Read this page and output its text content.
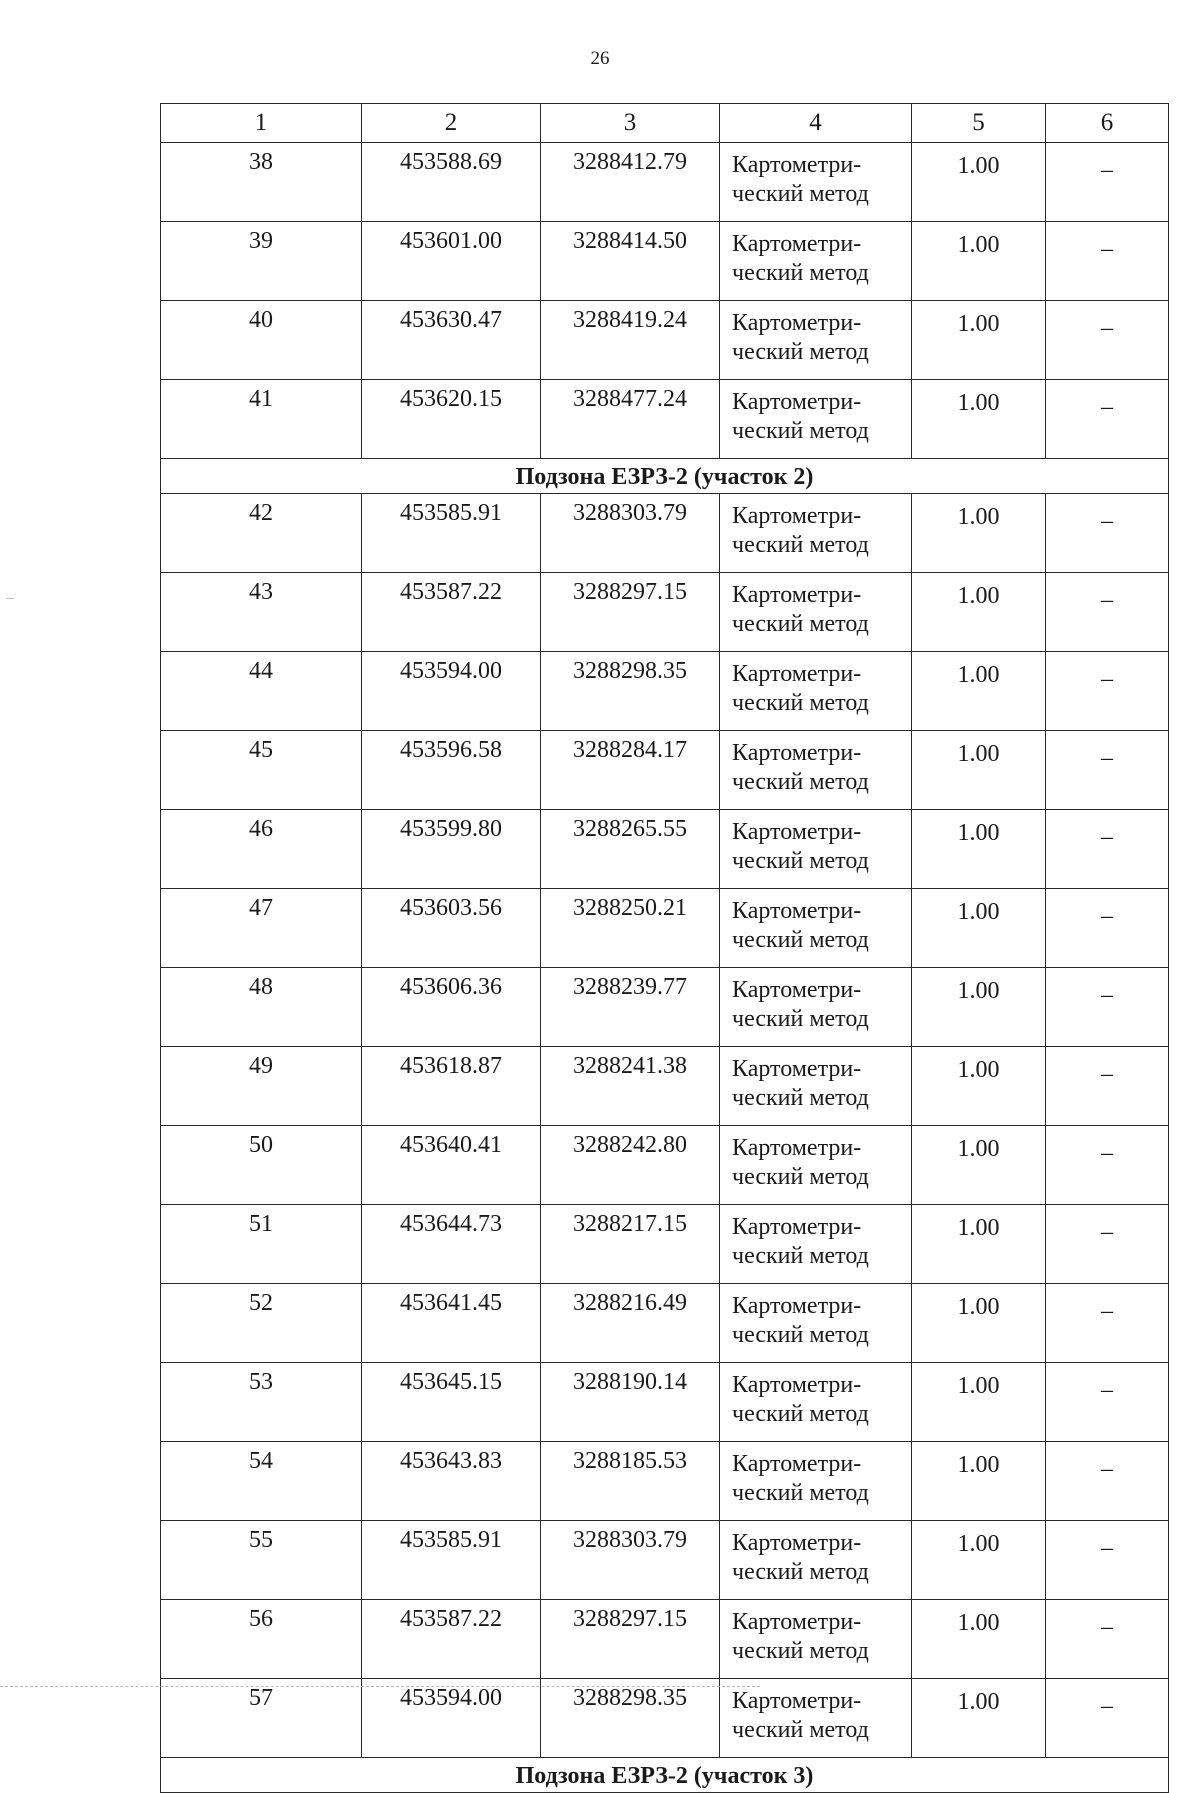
26
1	2	3	4	5	6
38	453588.69	3288412.79	Картометри-
ческий метод	1.00	–
39	453601.00	3288414.50	Картометри-
ческий метод	1.00	–
40	453630.47	3288419.24	Картометри-
ческий метод	1.00	–
41	453620.15	3288477.24	Картометри-
ческий метод	1.00	–
Подзона ЕЗРЗ-2 (участок 2)					
42	453585.91	3288303.79	Картометри-
ческий метод	1.00	–
43	453587.22	3288297.15	Картометри-
ческий метод	1.00	–
44	453594.00	3288298.35	Картометри-
ческий метод	1.00	–
45	453596.58	3288284.17	Картометри-
ческий метод	1.00	–
46	453599.80	3288265.55	Картометри-
ческий метод	1.00	–
47	453603.56	3288250.21	Картометри-
ческий метод	1.00	–
48	453606.36	3288239.77	Картометри-
ческий метод	1.00	–
49	453618.87	3288241.38	Картометри-
ческий метод	1.00	–
50	453640.41	3288242.80	Картометри-
ческий метод	1.00	–
51	453644.73	3288217.15	Картометри-
ческий метод	1.00	–
52	453641.45	3288216.49	Картометри-
ческий метод	1.00	–
53	453645.15	3288190.14	Картометри-
ческий метод	1.00	–
54	453643.83	3288185.53	Картометри-
ческий метод	1.00	–
55	453585.91	3288303.79	Картометри-
ческий метод	1.00	–
56	453587.22	3288297.15	Картометри-
ческий метод	1.00	–
57	453594.00	3288298.35	Картометри-
ческий метод	1.00	–
Подзона ЕЗРЗ-2 (участок 3)					
